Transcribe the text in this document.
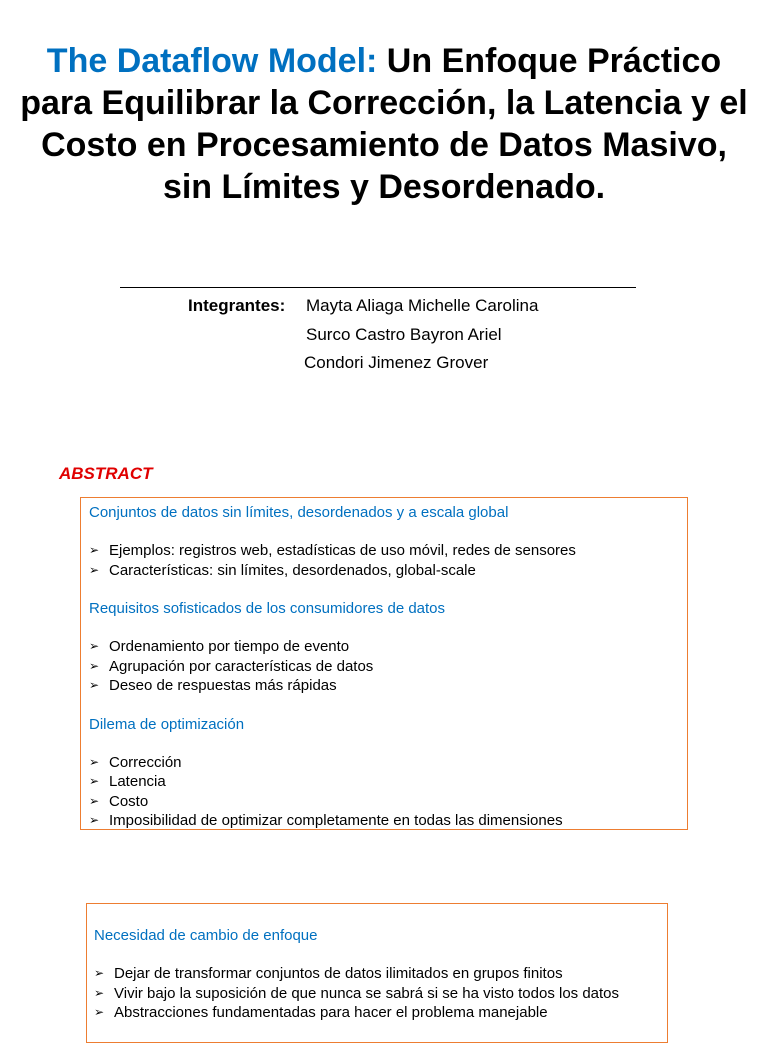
The Dataflow Model: Un Enfoque Práctico para Equilibrar la Corrección, la Latencia y el Costo en Procesamiento de Datos Masivo, sin Límites y Desordenado.
Integrantes: Mayta Aliaga Michelle Carolina
Surco Castro Bayron Ariel
Condori Jimenez Grover
ABSTRACT

Conjuntos de datos sin límites, desordenados y a escala global

➢ Ejemplos: registros web, estadísticas de uso móvil, redes de sensores
➢ Características: sin límites, desordenados, global-scale

Requisitos sofisticados de los consumidores de datos

➢ Ordenamiento por tiempo de evento
➢ Agrupación por características de datos
➢ Deseo de respuestas más rápidas

Dilema de optimización

➢ Corrección
➢ Latencia
➢ Costo
➢ Imposibilidad de optimizar completamente en todas las dimensiones

Necesidad de cambio de enfoque

➢ Dejar de transformar conjuntos de datos ilimitados en grupos finitos
➢ Vivir bajo la suposición de que nunca se sabrá si se ha visto todos los datos
➢ Abstracciones fundamentadas para hacer el problema manejable
